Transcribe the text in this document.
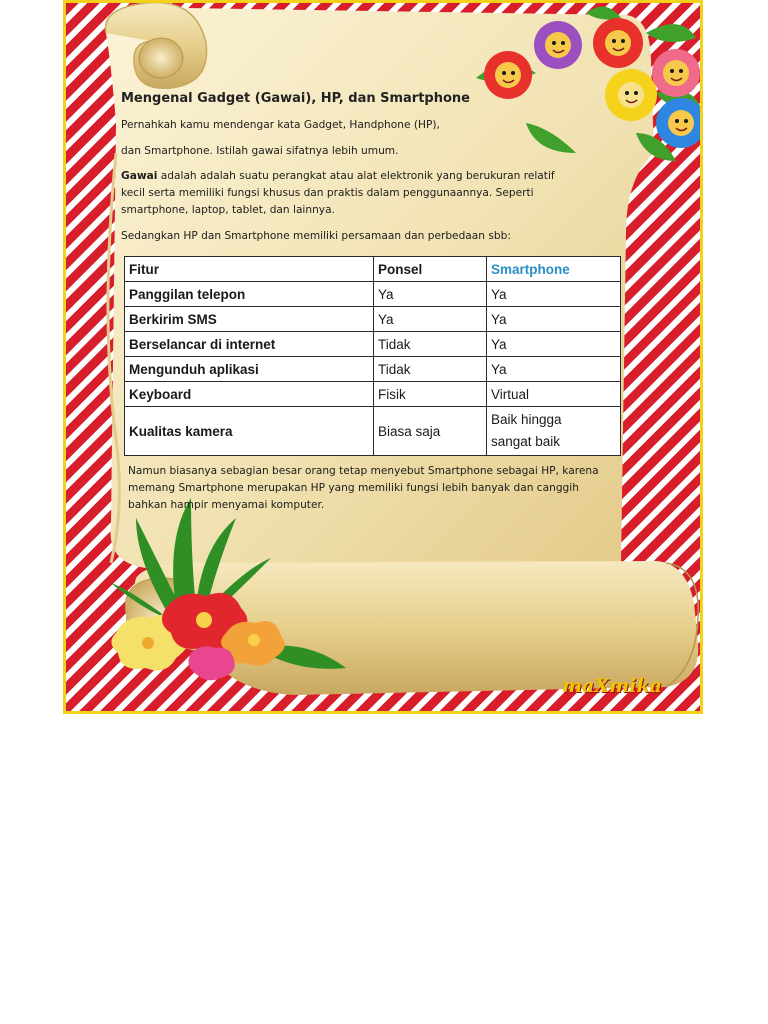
Mengenal Gadget (Gawai), HP, dan Smartphone
Pernahkah kamu mendengar kata Gadget, Handphone (HP),
dan Smartphone. Istilah gawai sifatnya lebih umum.
Gawai adalah adalah suatu perangkat atau alat elektronik yang berukuran relatif kecil serta memiliki fungsi khusus dan praktis dalam penggunaannya. Seperti smartphone, laptop, tablet, dan lainnya.
Sedangkan HP dan Smartphone memiliki persamaan dan perbedaan sbb:
Fitur	Ponsel	Smartphone
Panggilan telepon	Ya	Ya
Berkirim SMS	Ya	Ya
Berselancar di internet	Tidak	Ya
Mengunduh aplikasi	Tidak	Ya
Keyboard	Fisik	Virtual
Kualitas kamera	Biasa saja	Baik hingga
sangat baik
Namun biasanya sebagian besar orang tetap menyebut Smartphone sebagai HP, karena memang Smartphone merupakan HP yang memiliki fungsi lebih banyak dan canggih bahkan hampir menyamai komputer.
maXmika
